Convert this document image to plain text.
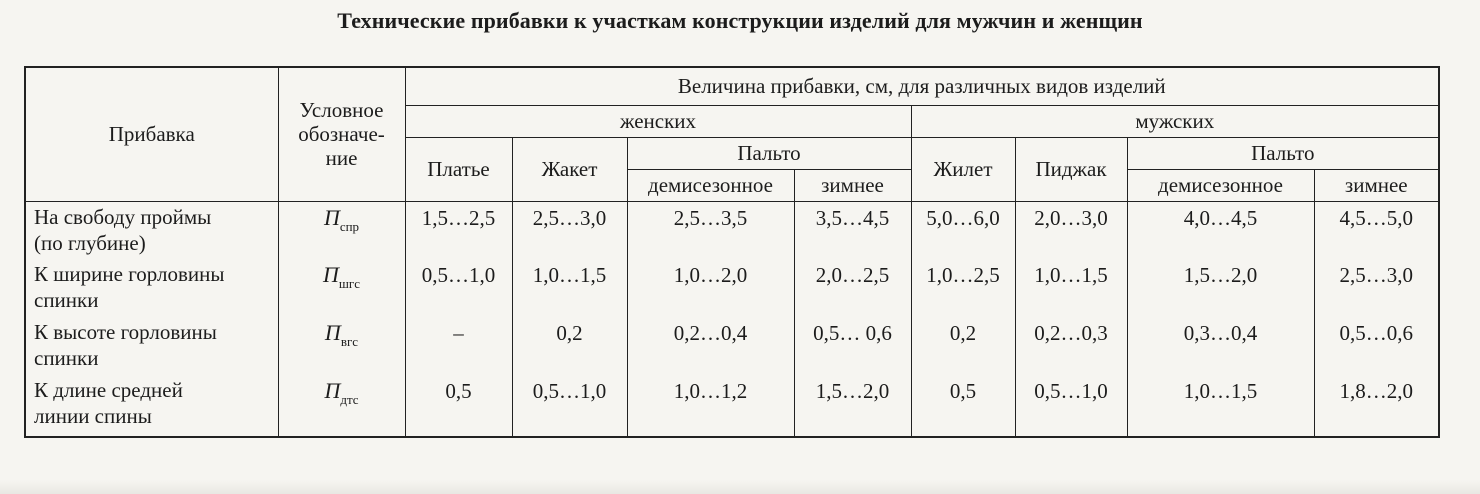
Технические прибавки к участкам конструкции изделий для мужчин и женщин
Прибавка	Условное
обозначе-
ние	Величина прибавки, см, для различных видов изделий							
		женских				мужских			
		Платье	Жакет	Пальто		Жилет	Пиджак	Пальто	
				демисезонное	зимнее			демисезонное	зимнее
На свободу проймы
(по глубине)	$П_{спр}$	1,5…2,5	2,5…3,0	2,5…3,5	3,5…4,5	5,0…6,0	2,0…3,0	4,0…4,5	4,5…5,0
К ширине горловины
спинки	$П_{шгс}$	0,5…1,0	1,0…1,5	1,0…2,0	2,0…2,5	1,0…2,5	1,0…1,5	1,5…2,0	2,5…3,0
К высоте горловины
спинки	$П_{вгс}$	–	0,2	0,2…0,4	0,5… 0,6	0,2	0,2…0,3	0,3…0,4	0,5…0,6
К длине средней
линии спины	$П_{дтс}$	0,5	0,5…1,0	1,0…1,2	1,5…2,0	0,5	0,5…1,0	1,0…1,5	1,8…2,0
